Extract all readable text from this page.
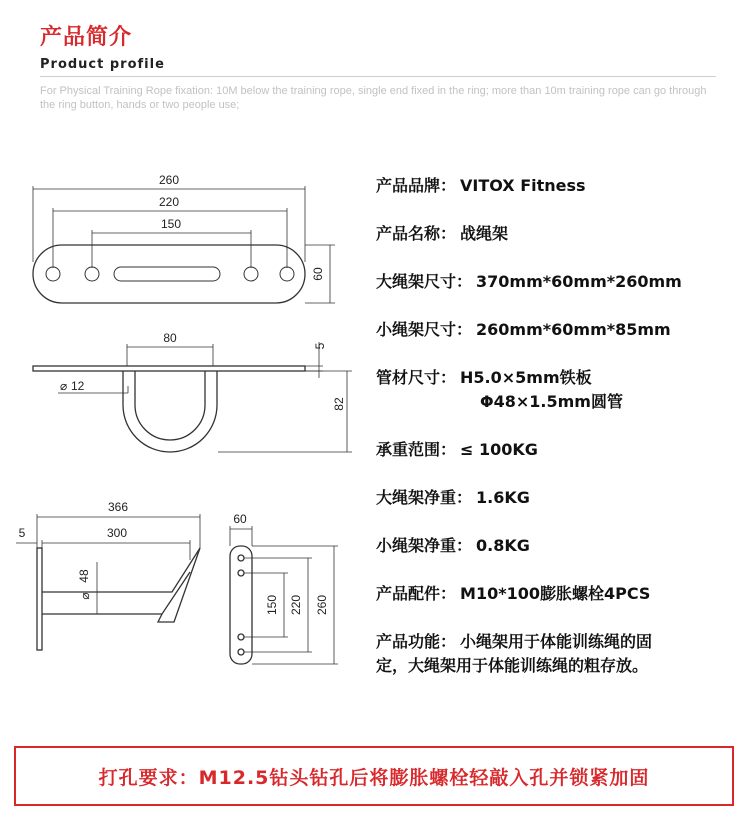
产品简介
Product profile
For Physical Training Rope fixation: 10M below the training rope, single end fixed in the ring; more than 10m training rope can go through the ring button, hands or two people use;
260
220
150
60
80
5
⌀ 12
82
366
5	300
48
⌀
60
150 220 260
产品品牌： VITOX Fitness
产品名称： 战绳架
大绳架尺寸： 370mm*60mm*260mm
小绳架尺寸： 260mm*60mm*85mm
管材尺寸： H5.0×5mm铁板
Φ48×1.5mm圆管
承重范围： ≤ 100KG
大绳架净重： 1.6KG
小绳架净重： 0.8KG
产品配件： M10*100膨胀螺栓4PCS
产品功能： 小绳架用于体能训练绳的固
定，大绳架用于体能训练绳的粗存放。
打孔要求：M12.5钻头钻孔后将膨胀螺栓轻敲入孔并锁紧加固
